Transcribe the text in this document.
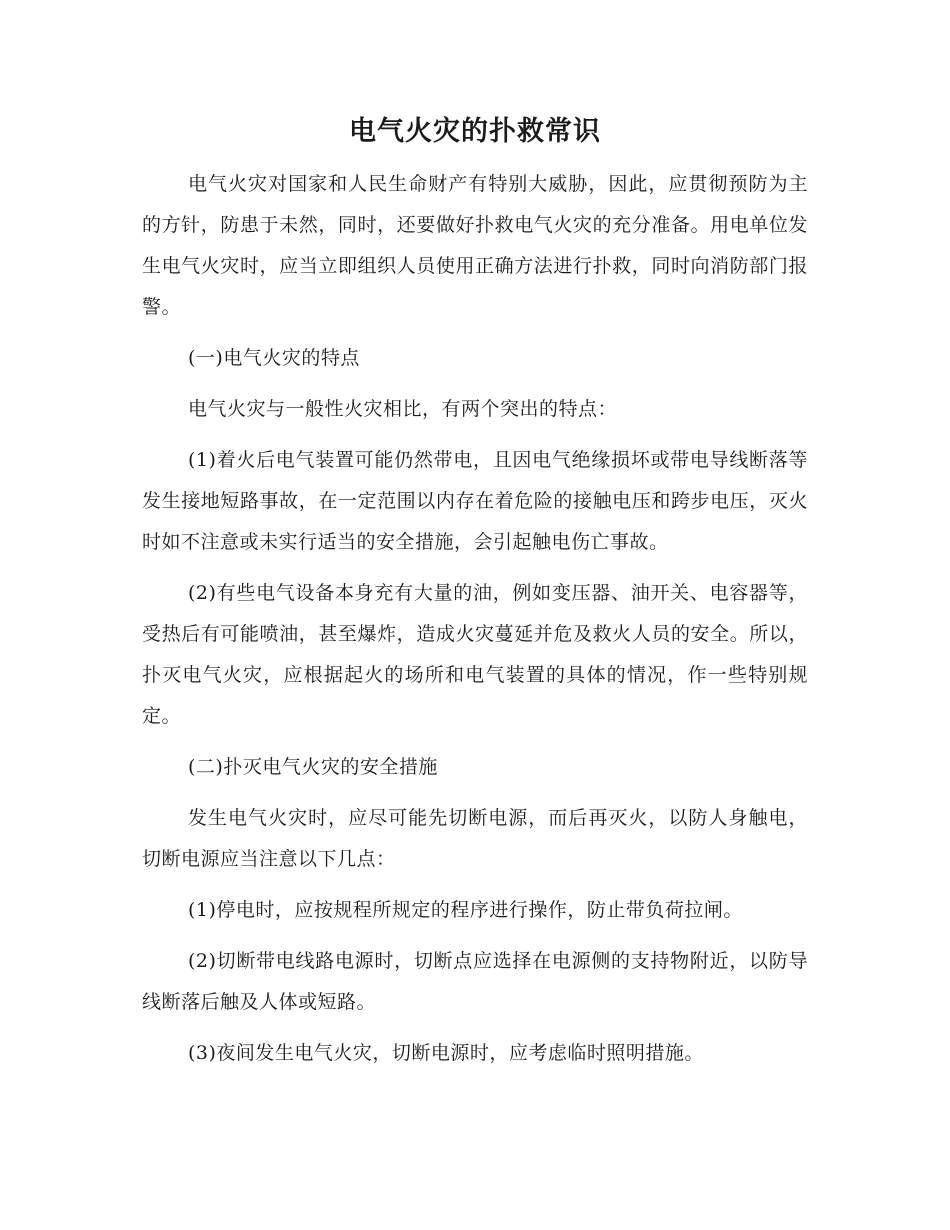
电气火灾的扑救常识

电气火灾对国家和人民生命财产有特别大威胁，因此，应贯彻预防为主的方针，防患于未然，同时，还要做好扑救电气火灾的充分准备。用电单位发生电气火灾时，应当立即组织人员使用正确方法进行扑救，同时向消防部门报警。

(一)电气火灾的特点

电气火灾与一般性火灾相比，有两个突出的特点：

(1)着火后电气装置可能仍然带电，且因电气绝缘损坏或带电导线断落等发生接地短路事故，在一定范围以内存在着危险的接触电压和跨步电压，灭火时如不注意或未实行适当的安全措施，会引起触电伤亡事故。

(2)有些电气设备本身充有大量的油，例如变压器、油开关、电容器等，受热后有可能喷油，甚至爆炸，造成火灾蔓延并危及救火人员的安全。所以，扑灭电气火灾，应根据起火的场所和电气装置的具体的情况，作一些特别规定。

(二)扑灭电气火灾的安全措施

发生电气火灾时，应尽可能先切断电源，而后再灭火，以防人身触电，切断电源应当注意以下几点：

(1)停电时，应按规程所规定的程序进行操作，防止带负荷拉闸。

(2)切断带电线路电源时，切断点应选择在电源侧的支持物附近，以防导线断落后触及人体或短路。

(3)夜间发生电气火灾，切断电源时，应考虑临时照明措施。
